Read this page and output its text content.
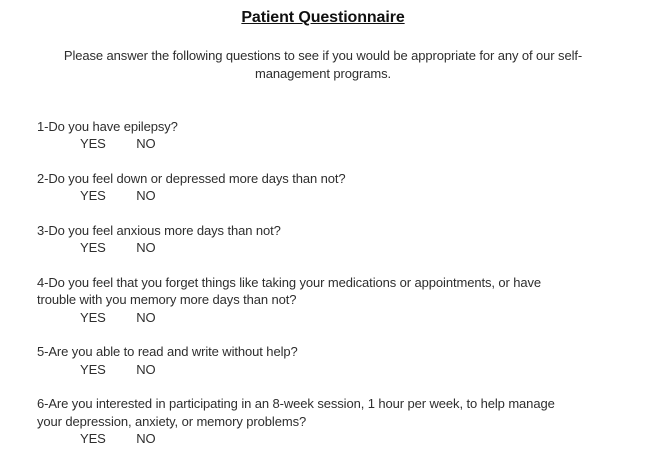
Patient Questionnaire
Please answer the following questions to see if you would be appropriate for any of our self-
management programs.
1-Do you have epilepsy?
YES NO
2-Do you feel down or depressed more days than not?
YES NO
3-Do you feel anxious more days than not?
YES NO
4-Do you feel that you forget things like taking your medications or appointments, or have
trouble with you memory more days than not?
YES NO
5-Are you able to read and write without help?
YES NO
6-Are you interested in participating in an 8-week session, 1 hour per week, to help manage
your depression, anxiety, or memory problems?
YES NO
